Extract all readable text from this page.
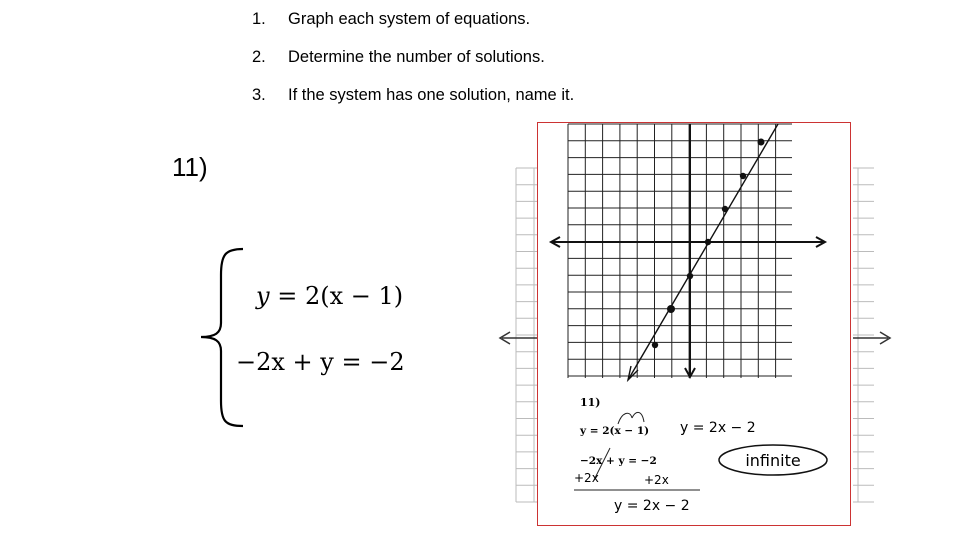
1. Graph each system of equations.
2. Determine the number of solutions.
3. If the system has one solution, name it.
11)
y = 2(x − 1)
−2x + y = −2
11)
y = 2(x − 1) y = 2x − 2
−2x + y = −2
+2x	+2x
y = 2x − 2
infinite
